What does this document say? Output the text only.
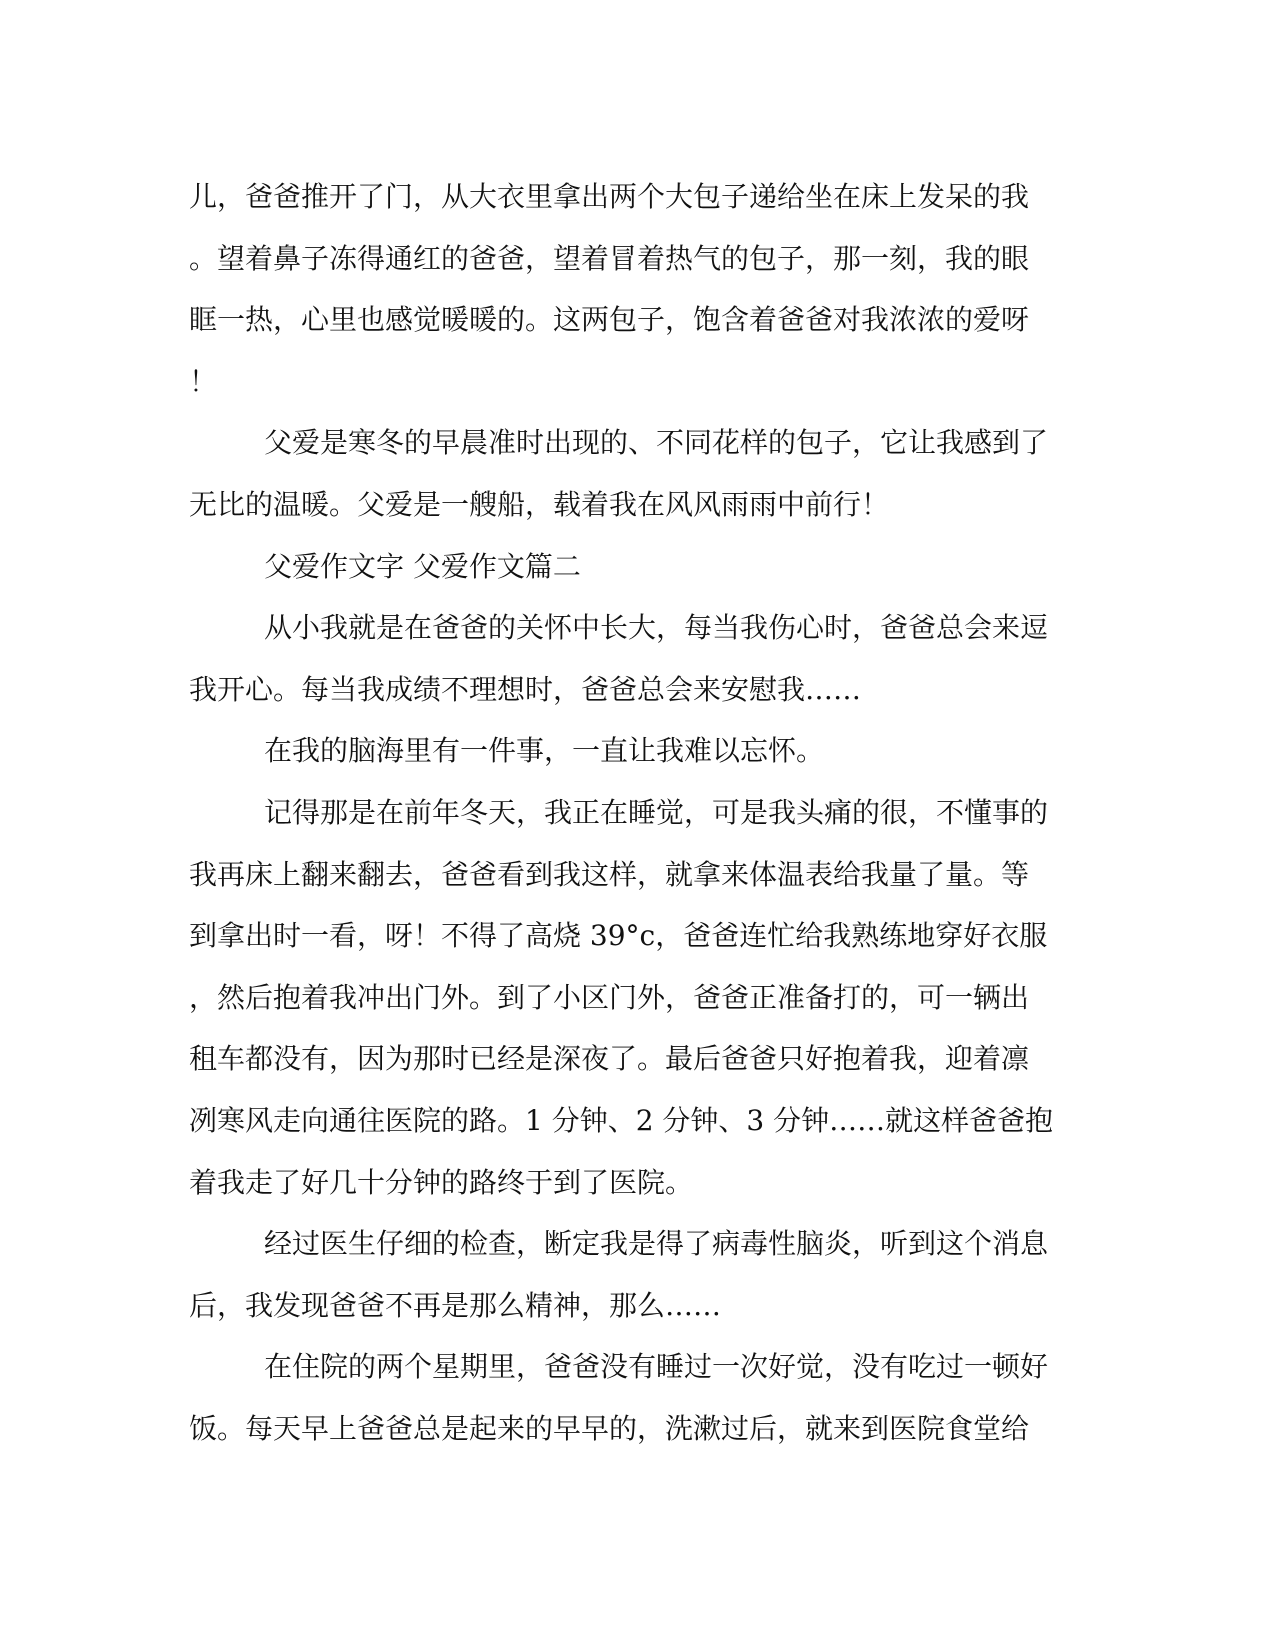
儿，爸爸推开了门，从大衣里拿出两个大包子递给坐在床上发呆的我
。望着鼻子冻得通红的爸爸，望着冒着热气的包子，那一刻，我的眼
眶一热，心里也感觉暖暖的。这两包子，饱含着爸爸对我浓浓的爱呀
！
父爱是寒冬的早晨准时出现的、不同花样的包子，它让我感到了
无比的温暖。父爱是一艘船，载着我在风风雨雨中前行！
父爱作文字 父爱作文篇二
从小我就是在爸爸的关怀中长大，每当我伤心时，爸爸总会来逗
我开心。每当我成绩不理想时，爸爸总会来安慰我……
在我的脑海里有一件事，一直让我难以忘怀。
记得那是在前年冬天，我正在睡觉，可是我头痛的很，不懂事的
我再床上翻来翻去，爸爸看到我这样，就拿来体温表给我量了量。等
到拿出时一看，呀！不得了高烧 39°c，爸爸连忙给我熟练地穿好衣服
，然后抱着我冲出门外。到了小区门外，爸爸正准备打的，可一辆出
租车都没有，因为那时已经是深夜了。最后爸爸只好抱着我，迎着凛
冽寒风走向通往医院的路。1 分钟、2 分钟、3 分钟……就这样爸爸抱
着我走了好几十分钟的路终于到了医院。
经过医生仔细的检查，断定我是得了病毒性脑炎，听到这个消息
后，我发现爸爸不再是那么精神，那么……
在住院的两个星期里，爸爸没有睡过一次好觉，没有吃过一顿好
饭。每天早上爸爸总是起来的早早的，洗漱过后，就来到医院食堂给
